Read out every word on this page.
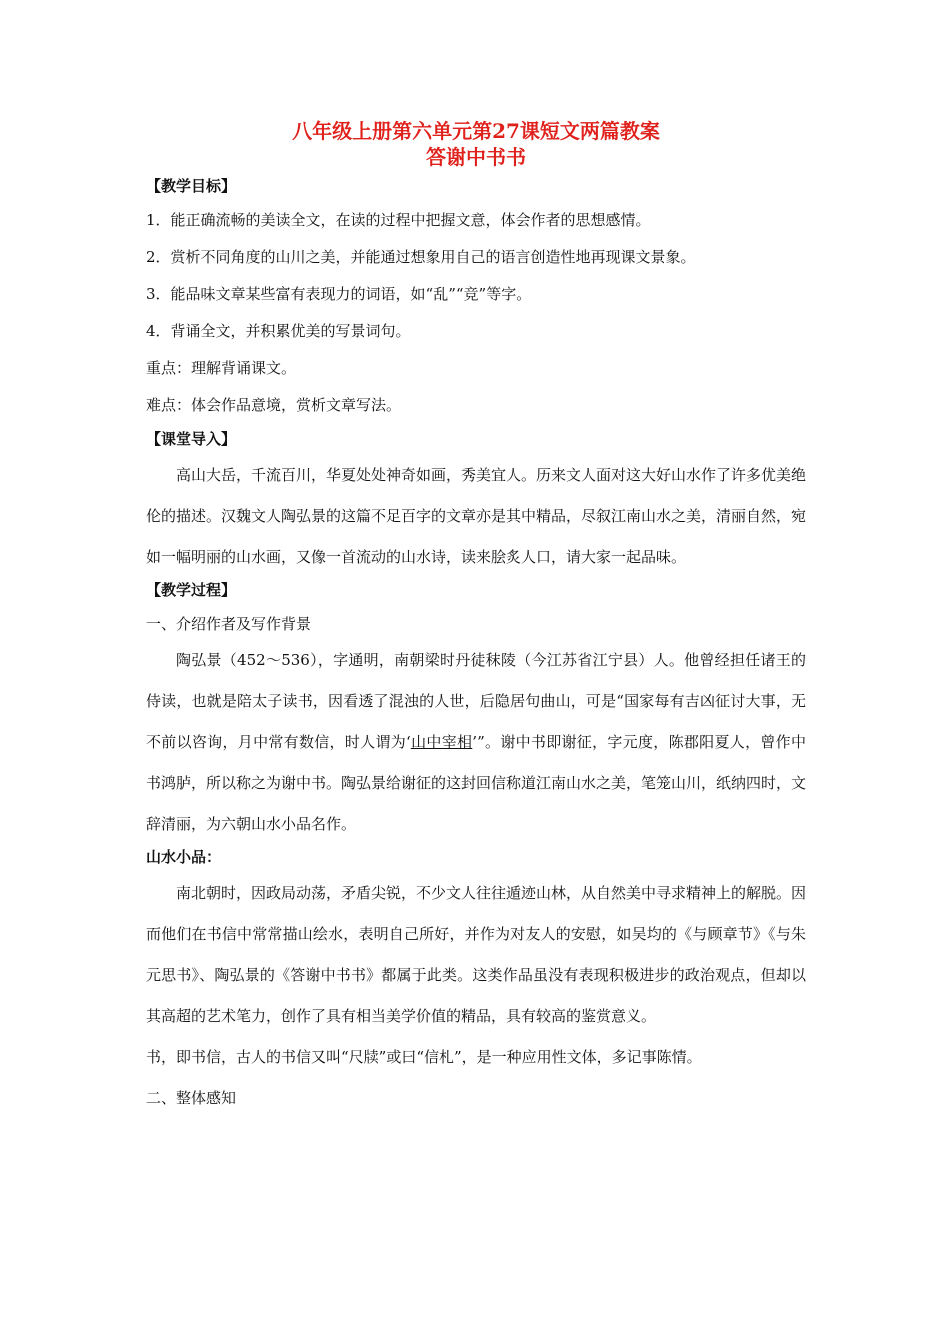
八年级上册第六单元第27课短文两篇教案
答谢中书书
【教学目标】
1．能正确流畅的美读全文，在读的过程中把握文意，体会作者的思想感情。
2．赏析不同角度的山川之美，并能通过想象用自己的语言创造性地再现课文景象。
3．能品味文章某些富有表现力的词语，如“乱”“竞”等字。
4．背诵全文，并积累优美的写景词句。
重点：理解背诵课文。
难点：体会作品意境，赏析文章写法。
【课堂导入】
高山大岳，千流百川，华夏处处神奇如画，秀美宜人。历来文人面对这大好山水作了许多优美绝伦的描述。汉魏文人陶弘景的这篇不足百字的文章亦是其中精品，尽叙江南山水之美，清丽自然，宛如一幅明丽的山水画，又像一首流动的山水诗，读来脍炙人口，请大家一起品味。
【教学过程】
一、介绍作者及写作背景
陶弘景（452～536），字通明，南朝梁时丹徒秣陵（今江苏省江宁县）人。他曾经担任诸王的侍读，也就是陪太子读书，因看透了混浊的人世，后隐居句曲山，可是“国家每有吉凶征讨大事，无不前以咨询，月中常有数信，时人谓为‘山中宰相’”。谢中书即谢征，字元度，陈郡阳夏人，曾作中书鸿胪，所以称之为谢中书。陶弘景给谢征的这封回信称道江南山水之美，笔笼山川，纸纳四时，文辞清丽，为六朝山水小品名作。
山水小品：
南北朝时，因政局动荡，矛盾尖锐，不少文人往往遁迹山林，从自然美中寻求精神上的解脱。因而他们在书信中常常描山绘水，表明自己所好，并作为对友人的安慰，如吴均的《与顾章节》《与朱元思书》、陶弘景的《答谢中书书》都属于此类。这类作品虽没有表现积极进步的政治观点，但却以其高超的艺术笔力，创作了具有相当美学价值的精品，具有较高的鉴赏意义。
书，即书信，古人的书信又叫“尺牍”或曰“信札”，是一种应用性文体，多记事陈情。
二、整体感知
